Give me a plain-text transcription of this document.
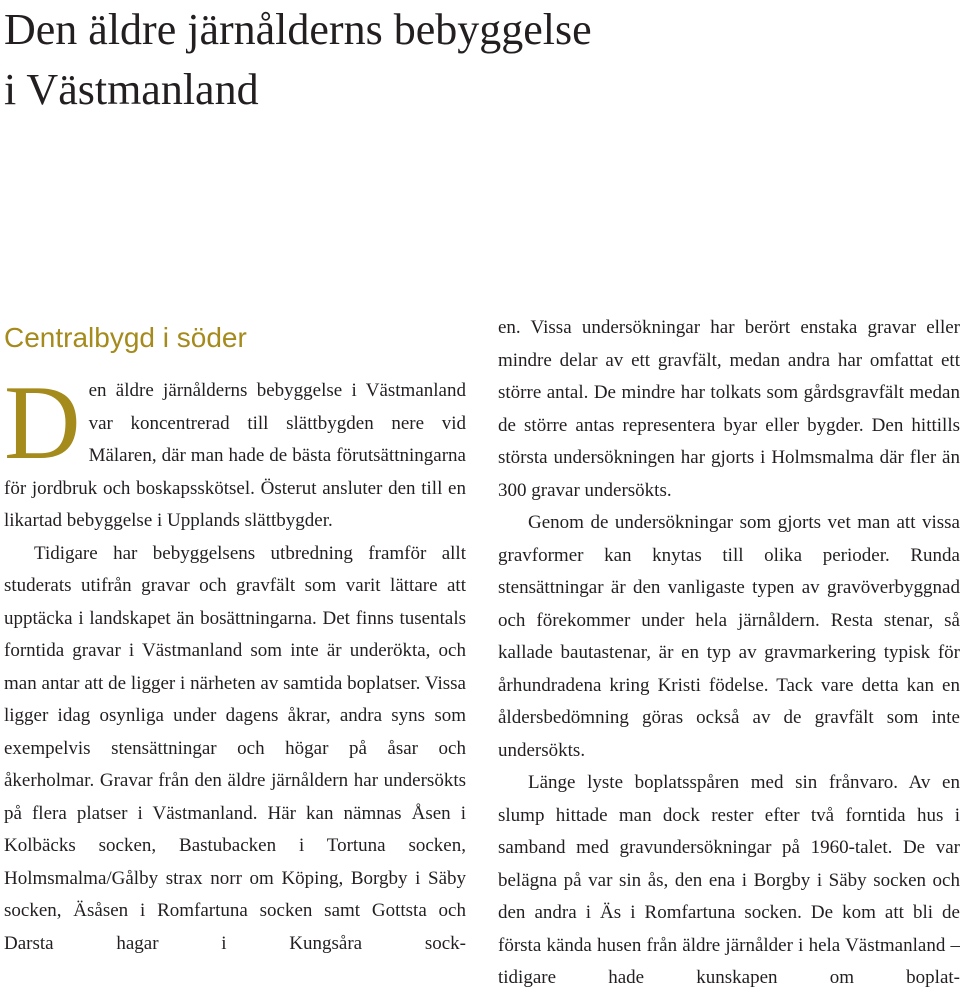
Den äldre järnålderns bebyggelse
i Västmanland
Centralbygd i söder

Den äldre järnålderns bebyggelse i Västmanland var koncentrerad till slättbygden nere vid Mälaren, där man hade de bästa förutsättningarna för jordbruk och boskapsskötsel. Österut ansluter den till en likartad bebyggelse i Upplands slättbygder.

Tidigare har bebyggelsens utbredning framför allt studerats utifrån gravar och gravfält som varit lättare att upptäcka i landskapet än bosättningarna. Det finns tusentals forntida gravar i Västmanland som inte är underökta, och man antar att de ligger i närheten av samtida boplatser. Vissa ligger idag osynliga under dagens åkrar, andra syns som exempelvis stensättningar och högar på åsar och åkerholmar. Gravar från den äldre järnåldern har undersökts på flera platser i Västmanland. Här kan nämnas Åsen i Kolbäcks socken, Bastubacken i Tortuna socken, Holmsmalma/Gålby strax norr om Köping, Borgby i Säby socken, Äsåsen i Romfartuna socken samt Gottsta och Darsta hagar i Kungsåra sock-

en. Vissa undersökningar har berört enstaka gravar eller mindre delar av ett gravfält, medan andra har omfattat ett större antal. De mindre har tolkats som gårdsgravfält medan de större antas representera byar eller bygder. Den hittills största undersökningen har gjorts i Holmsmalma där fler än 300 gravar undersökts.

Genom de undersökningar som gjorts vet man att vissa gravformer kan knytas till olika perioder. Runda stensättningar är den vanligaste typen av gravöverbyggnad och förekommer under hela järnåldern. Resta stenar, så kallade bautastenar, är en typ av gravmarkering typisk för århundradena kring Kristi födelse. Tack vare detta kan en åldersbedömning göras också av de gravfält som inte undersökts.

Länge lyste boplatsspåren med sin frånvaro. Av en slump hittade man dock rester efter två forntida hus i samband med gravundersökningar på 1960-talet. De var belägna på var sin ås, den ena i Borgby i Säby socken och den andra i Äs i Romfartuna socken. De kom att bli de första kända husen från äldre järnålder i hela Västmanland – tidigare hade kunskapen om boplat-
